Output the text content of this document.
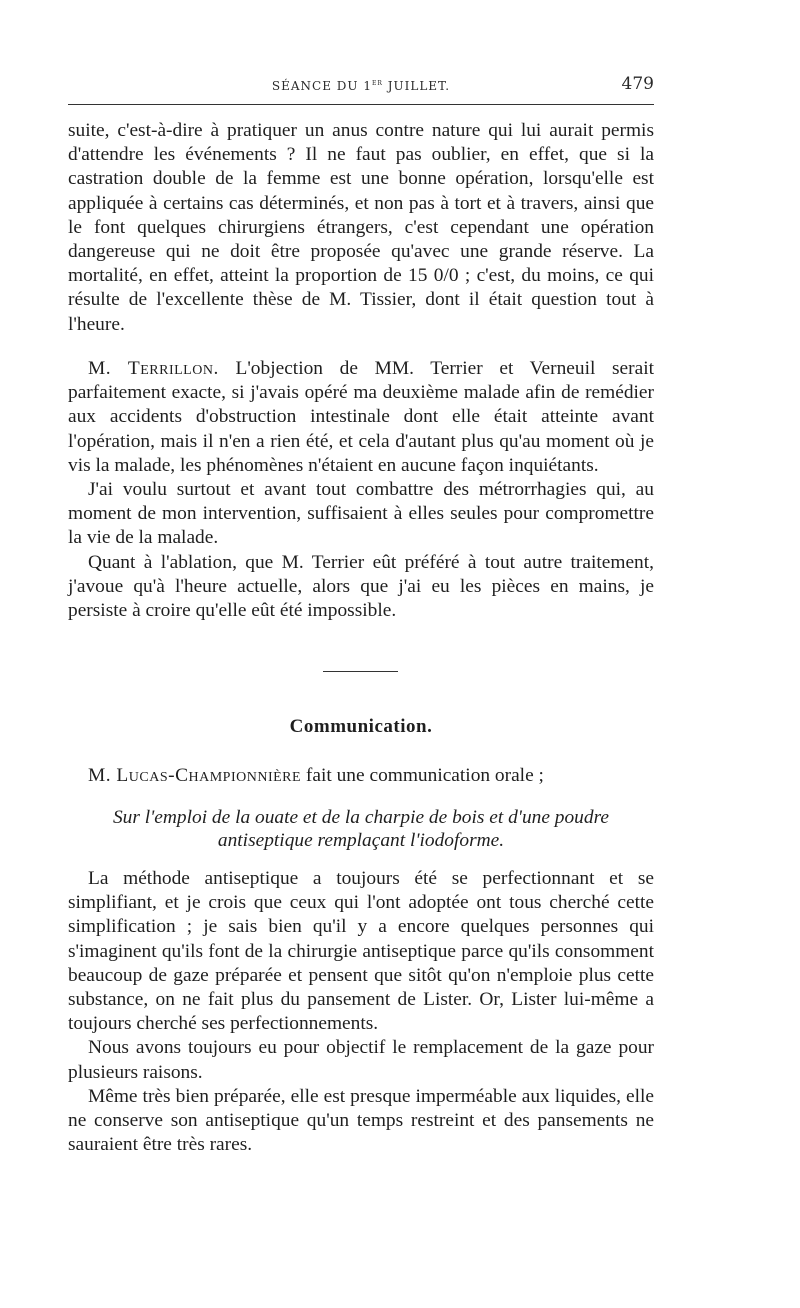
SÉANCE DU 1er JUILLET.	479

suite, c'est-à-dire à pratiquer un anus contre nature qui lui aurait permis d'attendre les événements ? Il ne faut pas oublier, en effet, que si la castration double de la femme est une bonne opération, lorsqu'elle est appliquée à certains cas déterminés, et non pas à tort et à travers, ainsi que le font quelques chirurgiens étrangers, c'est cependant une opération dangereuse qui ne doit être proposée qu'avec une grande réserve. La mortalité, en effet, atteint la proportion de 15 0/0 ; c'est, du moins, ce qui résulte de l'excellente thèse de M. Tissier, dont il était question tout à l'heure.

M. Terrillon. L'objection de MM. Terrier et Verneuil serait parfaitement exacte, si j'avais opéré ma deuxième malade afin de remédier aux accidents d'obstruction intestinale dont elle était atteinte avant l'opération, mais il n'en a rien été, et cela d'autant plus qu'au moment où je vis la malade, les phénomènes n'étaient en aucune façon inquiétants.

J'ai voulu surtout et avant tout combattre des métrorrhagies qui, au moment de mon intervention, suffisaient à elles seules pour compromettre la vie de la malade.

Quant à l'ablation, que M. Terrier eût préféré à tout autre traitement, j'avoue qu'à l'heure actuelle, alors que j'ai eu les pièces en mains, je persiste à croire qu'elle eût été impossible.

Communication.

M. Lucas-Championnière fait une communication orale ;

Sur l'emploi de la ouate et de la charpie de bois et d'une poudre
antiseptique remplaçant l'iodoforme.

La méthode antiseptique a toujours été se perfectionnant et se simplifiant, et je crois que ceux qui l'ont adoptée ont tous cherché cette simplification ; je sais bien qu'il y a encore quelques personnes qui s'imaginent qu'ils font de la chirurgie antiseptique parce qu'ils consomment beaucoup de gaze préparée et pensent que sitôt qu'on n'emploie plus cette substance, on ne fait plus du pansement de Lister. Or, Lister lui-même a toujours cherché ses perfectionnements.

Nous avons toujours eu pour objectif le remplacement de la gaze pour plusieurs raisons.

Même très bien préparée, elle est presque imperméable aux liquides, elle ne conserve son antiseptique qu'un temps restreint et des pansements ne sauraient être très rares.
